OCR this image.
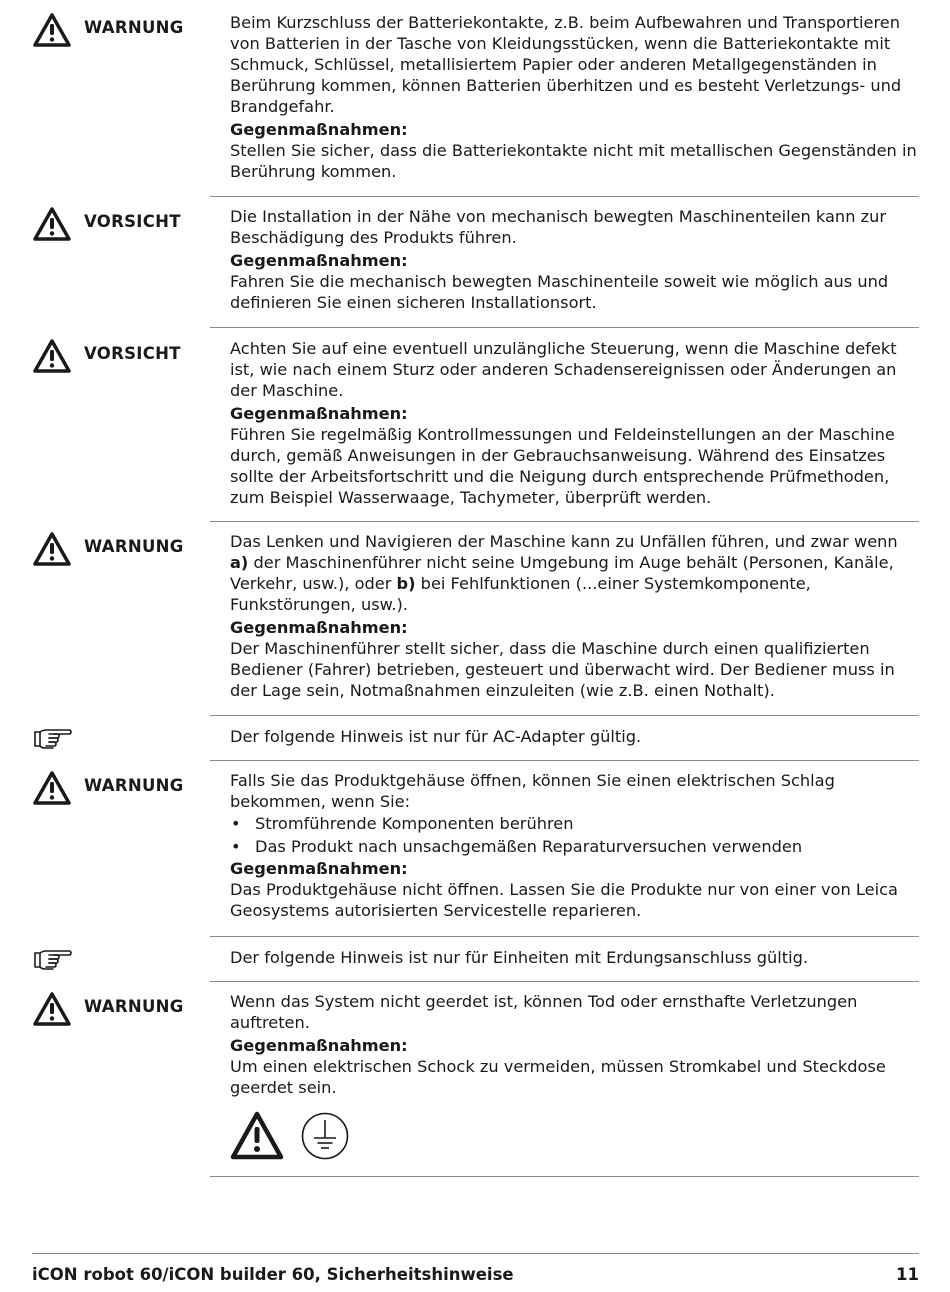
WARNUNG	Beim Kurzschluss der Batteriekontakte, z.B. beim Aufbewahren und Transportieren von Batterien in der Tasche von Kleidungsstücken, wenn die Batteriekontakte mit Schmuck, Schlüssel, metallisiertem Papier oder anderen Metallgegenständen in Berührung kommen, können Batterien überhitzen und es besteht Verletzungs- und Brandgefahr.

Gegenmaßnahmen:

Stellen Sie sicher, dass die Batteriekontakte nicht mit metallischen Gegenständen in Berührung kommen.

VORSICHT	Die Installation in der Nähe von mechanisch bewegten Maschinenteilen kann zur Beschädigung des Produkts führen.

Gegenmaßnahmen:

Fahren Sie die mechanisch bewegten Maschinenteile soweit wie möglich aus und definieren Sie einen sicheren Installationsort.

VORSICHT	Achten Sie auf eine eventuell unzulängliche Steuerung, wenn die Maschine defekt ist, wie nach einem Sturz oder anderen Schadensereignissen oder Änderungen an der Maschine.

Gegenmaßnahmen:

Führen Sie regelmäßig Kontrollmessungen und Feldeinstellungen an der Maschine durch, gemäß Anweisungen in der Gebrauchsanweisung. Während des Einsatzes sollte der Arbeitsfortschritt und die Neigung durch entsprechende Prüfmethoden, zum Beispiel Wasserwaage, Tachymeter, überprüft werden.

WARNUNG	Das Lenken und Navigieren der Maschine kann zu Unfällen führen, und zwar wenn a) der Maschinenführer nicht seine Umgebung im Auge behält (Personen, Kanäle, Verkehr, usw.), oder b) bei Fehlfunktionen (...einer Systemkomponente, Funkstörungen, usw.).

Gegenmaßnahmen:

Der Maschinenführer stellt sicher, dass die Maschine durch einen qualifizierten Bediener (Fahrer) betrieben, gesteuert und überwacht wird. Der Bediener muss in der Lage sein, Notmaßnahmen einzuleiten (wie z.B. einen Nothalt).

Der folgende Hinweis ist nur für AC-Adapter gültig.

WARNUNG	Falls Sie das Produktgehäuse öffnen, können Sie einen elektrischen Schlag bekommen, wenn Sie:

• Stromführende Komponenten berühren
• Das Produkt nach unsachgemäßen Reparaturversuchen verwenden

Gegenmaßnahmen:

Das Produktgehäuse nicht öffnen. Lassen Sie die Produkte nur von einer von Leica Geosystems autorisierten Servicestelle reparieren.

Der folgende Hinweis ist nur für Einheiten mit Erdungsanschluss gültig.

WARNUNG	Wenn das System nicht geerdet ist, können Tod oder ernsthafte Verletzungen auftreten.

Gegenmaßnahmen:

Um einen elektrischen Schock zu vermeiden, müssen Stromkabel und Steckdose geerdet sein.

iCON robot 60/iCON builder 60, Sicherheitshinweise	11
